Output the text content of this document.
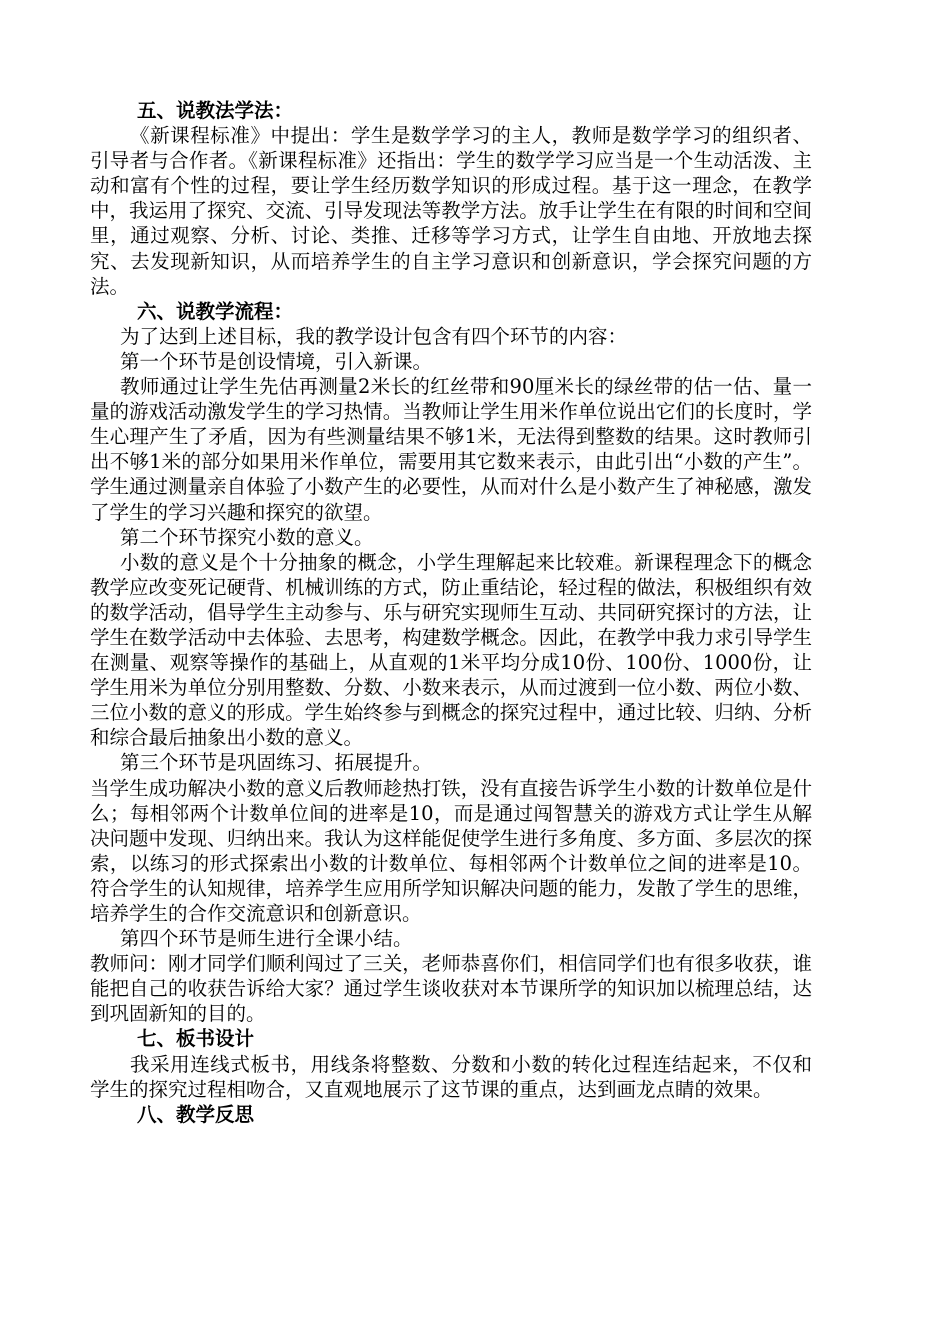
五、说教法学法：

《新课程标准》中提出：学生是数学学习的主人，教师是数学学习的组织者、引导者与合作者。《新课程标准》还指出：学生的数学学习应当是一个生动活泼、主动和富有个性的过程，要让学生经历数学知识的形成过程。基于这一理念，在教学中，我运用了探究、交流、引导发现法等教学方法。放手让学生在有限的时间和空间里，通过观察、分析、讨论、类推、迁移等学习方式，让学生自由地、开放地去探究、去发现新知识，从而培养学生的自主学习意识和创新意识，学会探究问题的方法。

六、说教学流程：

为了达到上述目标，我的教学设计包含有四个环节的内容：

第一个环节是创设情境，引入新课。

教师通过让学生先估再测量2米长的红丝带和90厘米长的绿丝带的估一估、量一量的游戏活动激发学生的学习热情。当教师让学生用米作单位说出它们的长度时，学生心理产生了矛盾，因为有些测量结果不够1米，无法得到整数的结果。这时教师引出不够1米的部分如果用米作单位，需要用其它数来表示，由此引出“小数的产生”。学生通过测量亲自体验了小数产生的必要性，从而对什么是小数产生了神秘感，激发了学生的学习兴趣和探究的欲望。

第二个环节探究小数的意义。

小数的意义是个十分抽象的概念，小学生理解起来比较难。新课程理念下的概念教学应改变死记硬背、机械训练的方式，防止重结论，轻过程的做法，积极组织有效的数学活动，倡导学生主动参与、乐与研究实现师生互动、共同研究探讨的方法，让学生在数学活动中去体验、去思考，构建数学概念。因此，在教学中我力求引导学生在测量、观察等操作的基础上，从直观的1米平均分成10份、100份、1000份，让学生用米为单位分别用整数、分数、小数来表示，从而过渡到一位小数、两位小数、三位小数的意义的形成。学生始终参与到概念的探究过程中，通过比较、归纳、分析和综合最后抽象出小数的意义。

第三个环节是巩固练习、拓展提升。

当学生成功解决小数的意义后教师趁热打铁，没有直接告诉学生小数的计数单位是什么；每相邻两个计数单位间的进率是10，而是通过闯智慧关的游戏方式让学生从解决问题中发现、归纳出来。我认为这样能促使学生进行多角度、多方面、多层次的探索，以练习的形式探索出小数的计数单位、每相邻两个计数单位之间的进率是10。符合学生的认知规律，培养学生应用所学知识解决问题的能力，发散了学生的思维，培养学生的合作交流意识和创新意识。

第四个环节是师生进行全课小结。

教师问：刚才同学们顺利闯过了三关，老师恭喜你们，相信同学们也有很多收获，谁能把自己的收获告诉给大家？通过学生谈收获对本节课所学的知识加以梳理总结，达到巩固新知的目的。

七、板书设计

我采用连线式板书，用线条将整数、分数和小数的转化过程连结起来，不仅和学生的探究过程相吻合，又直观地展示了这节课的重点，达到画龙点睛的效果。

八、教学反思
